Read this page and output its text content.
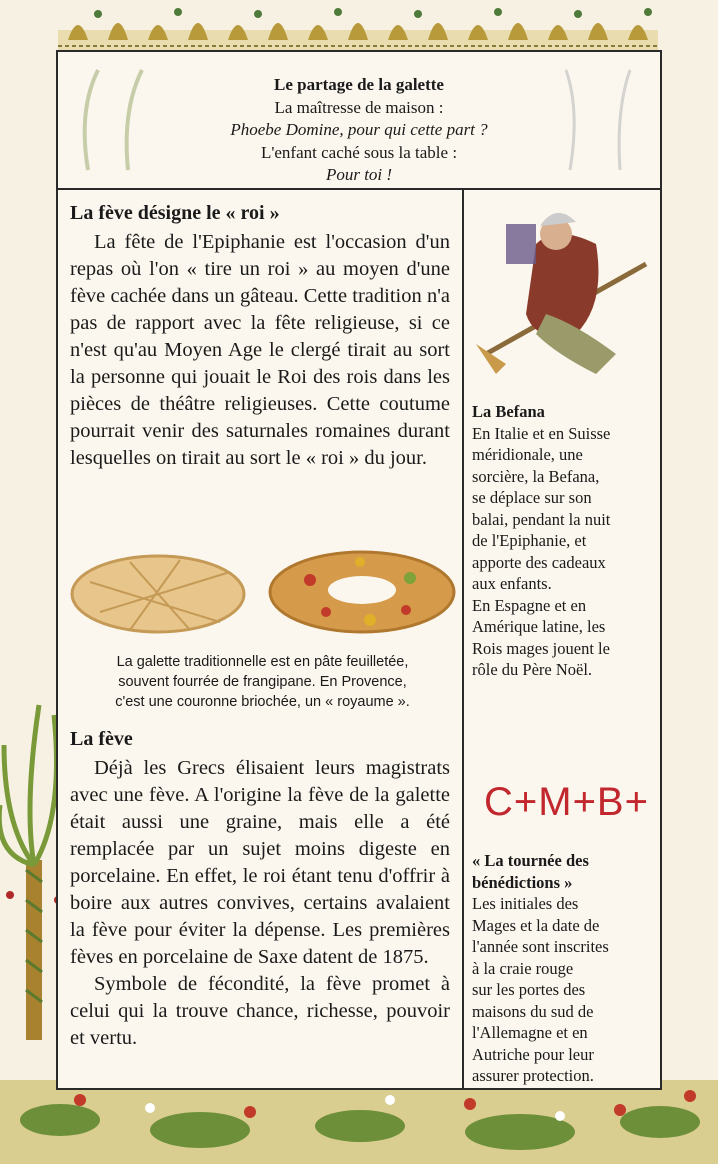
Le partage de la galette
La maîtresse de maison :
Phoebe Domine, pour qui cette part ?
L'enfant caché sous la table :
Pour toi !
La fève désigne le « roi »

La fête de l'Epiphanie est l'occasion d'un repas où l'on « tire un roi » au moyen d'une fève cachée dans un gâteau. Cette tradition n'a pas de rapport avec la fête religieuse, si ce n'est qu'au Moyen Age le clergé tirait au sort la personne qui jouait le Roi des rois dans les pièces de théâtre religieuses. Cette coutume pourrait venir des saturnales romaines durant lesquelles on tirait au sort le « roi » du jour.

La galette traditionnelle est en pâte feuilletée,
souvent fourrée de frangipane. En Provence,
c'est une couronne briochée, un « royaume ».
La fève

Déjà les Grecs élisaient leurs magistrats avec une fève. A l'origine la fève de la galette était aussi une graine, mais elle a été remplacée par un sujet moins digeste en porcelaine. En effet, le roi étant tenu d'offrir à boire aux autres convives, certains avalaient la fève pour éviter la dépense. Les premières fèves en porcelaine de Saxe datent de 1875.

Symbole de fécondité, la fève promet à celui qui la trouve chance, richesse, pouvoir et vertu.

La Befana

En Italie et en Suisse

méridionale, une

sorcière, la Befana,

se déplace sur son

balai, pendant la nuit

de l'Epiphanie, et

apporte des cadeaux

aux enfants.

En Espagne et en

Amérique latine, les

Rois mages jouent le

rôle du Père Noël.

C+M+B+

« La tournée des

bénédictions »

Les initiales des

Mages et la date de

l'année sont inscrites

à la craie rouge

sur les portes des

maisons du sud de

l'Allemagne et en

Autriche pour leur

assurer protection.
